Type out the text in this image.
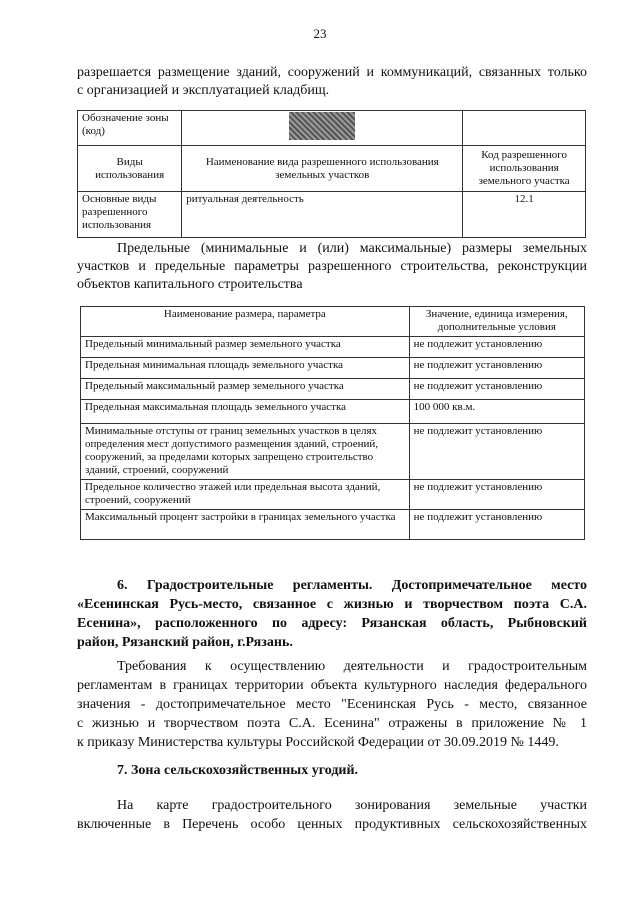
23
разрешается размещение зданий, сооружений и коммуникаций, связанных только
с организацией и эксплуатацией кладбищ.
Обозначение зоны (код)		
Виды использования	Наименование вида разрешенного использования земельных участков	Код разрешенного использования земельного участка
Основные виды разрешенного использования	ритуальная деятельность	12.1
Предельные (минимальные и (или) максимальные) размеры земельных
участков и предельные параметры разрешенного строительства, реконструкции
объектов капитального строительства
Наименование размера, параметра	Значение, единица измерения, дополнительные условия
Предельный минимальный размер земельного участка	не подлежит установлению
Предельная минимальная площадь земельного участка	не подлежит установлению
Предельный максимальный размер земельного участка	не подлежит установлению
Предельная максимальная площадь земельного участка	100 000 кв.м.
Минимальные отступы от границ земельных участков в целях определения мест допустимого размещения зданий, строений, сооружений, за пределами которых запрещено строительство зданий, строений, сооружений	не подлежит установлению
Предельное количество этажей или предельная высота зданий, строений, сооружений	не подлежит установлению
Максимальный процент застройки в границах земельного участка	не подлежит установлению
6. Градостроительные регламенты. Достопримечательное место
«Есенинская Русь-место, связанное с жизнью и творчеством поэта С.А.
Есенина», расположенного по адресу: Рязанская область, Рыбновский
район, Рязанский район, г.Рязань.
Требования к осуществлению деятельности и градостроительным
регламентам в границах территории объекта культурного наследия федерального
значения - достопримечательное место "Есенинская Русь - место, связанное
с жизнью и творчеством поэта С.А. Есенина" отражены в приложение № 1
к приказу Министерства культуры Российской Федерации от 30.09.2019 № 1449.
7. Зона сельскохозяйственных угодий.
На карте градостроительного зонирования земельные участки
включенные в Перечень особо ценных продуктивных сельскохозяйственных
